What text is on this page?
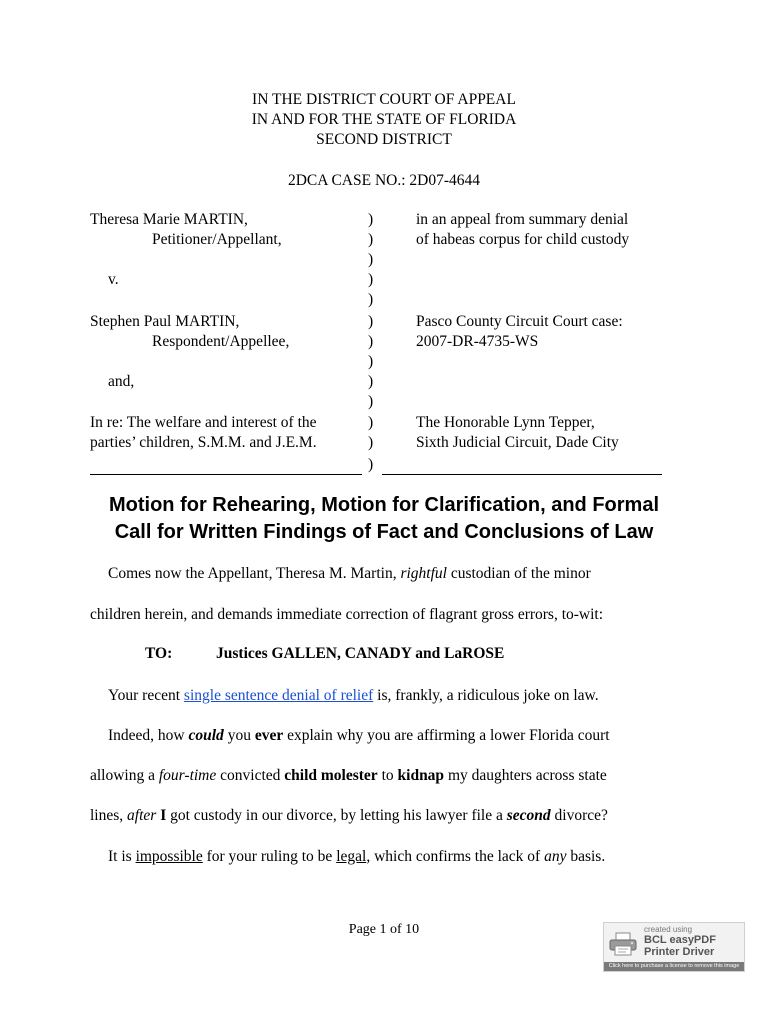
IN THE DISTRICT COURT OF APPEAL
IN AND FOR THE STATE OF FLORIDA
SECOND DISTRICT
2DCA CASE NO.: 2D07-4644
Theresa Marie MARTIN,	)	in an appeal from summary denial
Petitioner/Appellant,	)	of habeas corpus for child custody
)
v.	)
)
Stephen Paul MARTIN,	)	Pasco County Circuit Court case:
Respondent/Appellee,	)	2007-DR-4735-WS
)
and,	)
)
In re: The welfare and interest of the	)	The Honorable Lynn Tepper,
parties’ children, S.M.M. and J.E.M.	)	Sixth Judicial Circuit, Dade City
)
Motion for Rehearing, Motion for Clarification, and Formal
Call for Written Findings of Fact and Conclusions of Law
Comes now the Appellant, Theresa M. Martin, rightful custodian of the minor
children herein, and demands immediate correction of flagrant gross errors, to-wit:
TO:	Justices GALLEN, CANADY and LaROSE
Your recent single sentence denial of relief is, frankly, a ridiculous joke on law.
Indeed, how could you ever explain why you are affirming a lower Florida court
allowing a four-time convicted child molester to kidnap my daughters across state
lines, after I got custody in our divorce, by letting his lawyer file a second divorce?
It is impossible for your ruling to be legal, which confirms the lack of any basis.
Page 1 of 10	created using
BCL easyPDF
Printer Driver
Click here to purchase a license to remove this image
